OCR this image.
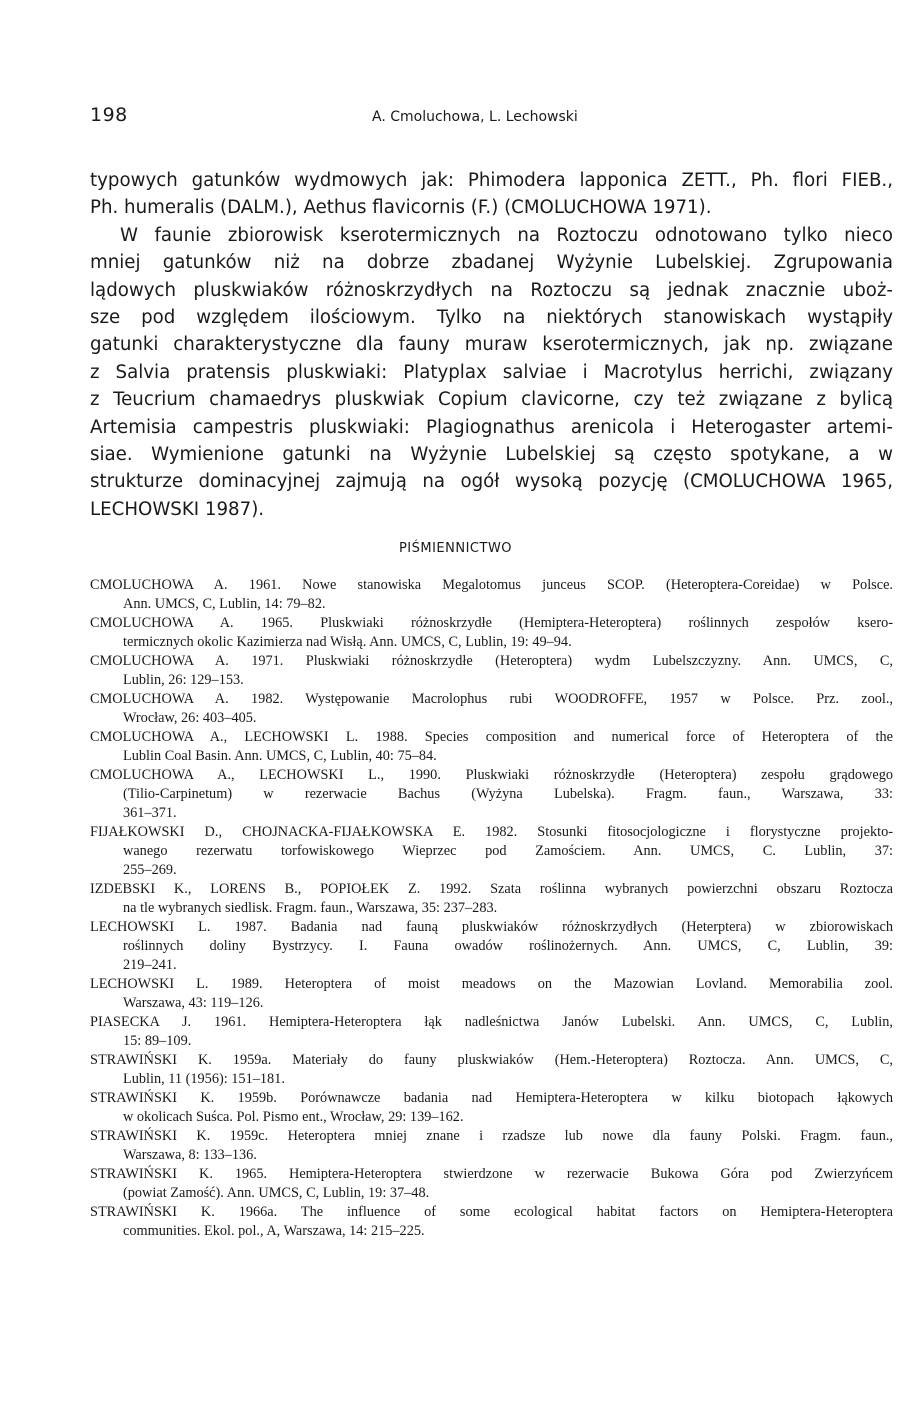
198	A. Cmoluchowa, L. Lechowski
typowych gatunków wydmowych jak: Phimodera lapponica ZETT., Ph. flori FIEB.,
Ph. humeralis (DALM.), Aethus flavicornis (F.) (CMOLUCHOWA 1971).
W faunie zbiorowisk kserotermicznych na Roztoczu odnotowano tylko nieco
mniej gatunków niż na dobrze zbadanej Wyżynie Lubelskiej. Zgrupowania
lądowych pluskwiaków różnoskrzydłych na Roztoczu są jednak znacznie uboż-
sze pod względem ilościowym. Tylko na niektórych stanowiskach wystąpiły
gatunki charakterystyczne dla fauny muraw kserotermicznych, jak np. związane
z Salvia pratensis pluskwiaki: Platyplax salviae i Macrotylus herrichi, związany
z Teucrium chamaedrys pluskwiak Copium clavicorne, czy też związane z bylicą
Artemisia campestris pluskwiaki: Plagiognathus arenicola i Heterogaster artemi-
siae. Wymienione gatunki na Wyżynie Lubelskiej są często spotykane, a w
strukturze dominacyjnej zajmują na ogół wysoką pozycję (CMOLUCHOWA 1965,
LECHOWSKI 1987).
PIŚMIENNICTWO
CMOLUCHOWA A. 1961. Nowe stanowiska Megalotomus junceus SCOP. (Heteroptera-Coreidae) w Polsce.
Ann. UMCS, C, Lublin, 14: 79–82.
CMOLUCHOWA A. 1965. Pluskwiaki różnoskrzydłe (Hemiptera-Heteroptera) roślinnych zespołów ksero-
termicznych okolic Kazimierza nad Wisłą. Ann. UMCS, C, Lublin, 19: 49–94.
CMOLUCHOWA A. 1971. Pluskwiaki różnoskrzydłe (Heteroptera) wydm Lubelszczyzny. Ann. UMCS, C,
Lublin, 26: 129–153.
CMOLUCHOWA A. 1982. Występowanie Macrolophus rubi WOODROFFE, 1957 w Polsce. Prz. zool.,
Wrocław, 26: 403–405.
CMOLUCHOWA A., LECHOWSKI L. 1988. Species composition and numerical force of Heteroptera of the
Lublin Coal Basin. Ann. UMCS, C, Lublin, 40: 75–84.
CMOLUCHOWA A., LECHOWSKI L., 1990. Pluskwiaki różnoskrzydłe (Heteroptera) zespołu grądowego
(Tilio-Carpinetum) w rezerwacie Bachus (Wyżyna Lubelska). Fragm. faun., Warszawa, 33:
361–371.
FIJAŁKOWSKI D., CHOJNACKA-FIJAŁKOWSKA E. 1982. Stosunki fitosocjologiczne i florystyczne projekto-
wanego rezerwatu torfowiskowego Wieprzec pod Zamościem. Ann. UMCS, C. Lublin, 37:
255–269.
IZDEBSKI K., LORENS B., POPIOŁEK Z. 1992. Szata roślinna wybranych powierzchni obszaru Roztocza
na tle wybranych siedlisk. Fragm. faun., Warszawa, 35: 237–283.
LECHOWSKI L. 1987. Badania nad fauną pluskwiaków różnoskrzydłych (Heterptera) w zbiorowiskach
roślinnych doliny Bystrzycy. I. Fauna owadów roślinożernych. Ann. UMCS, C, Lublin, 39:
219–241.
LECHOWSKI L. 1989. Heteroptera of moist meadows on the Mazowian Lovland. Memorabilia zool.
Warszawa, 43: 119–126.
PIASECKA J. 1961. Hemiptera-Heteroptera łąk nadleśnictwa Janów Lubelski. Ann. UMCS, C, Lublin,
15: 89–109.
STRAWIŃSKI K. 1959a. Materiały do fauny pluskwiaków (Hem.-Heteroptera) Roztocza. Ann. UMCS, C,
Lublin, 11 (1956): 151–181.
STRAWIŃSKI K. 1959b. Porównawcze badania nad Hemiptera-Heteroptera w kilku biotopach łąkowych
w okolicach Suśca. Pol. Pismo ent., Wrocław, 29: 139–162.
STRAWIŃSKI K. 1959c. Heteroptera mniej znane i rzadsze lub nowe dla fauny Polski. Fragm. faun.,
Warszawa, 8: 133–136.
STRAWIŃSKI K. 1965. Hemiptera-Heteroptera stwierdzone w rezerwacie Bukowa Góra pod Zwierzyńcem
(powiat Zamość). Ann. UMCS, C, Lublin, 19: 37–48.
STRAWIŃSKI K. 1966a. The influence of some ecological habitat factors on Hemiptera-Heteroptera
communities. Ekol. pol., A, Warszawa, 14: 215–225.
